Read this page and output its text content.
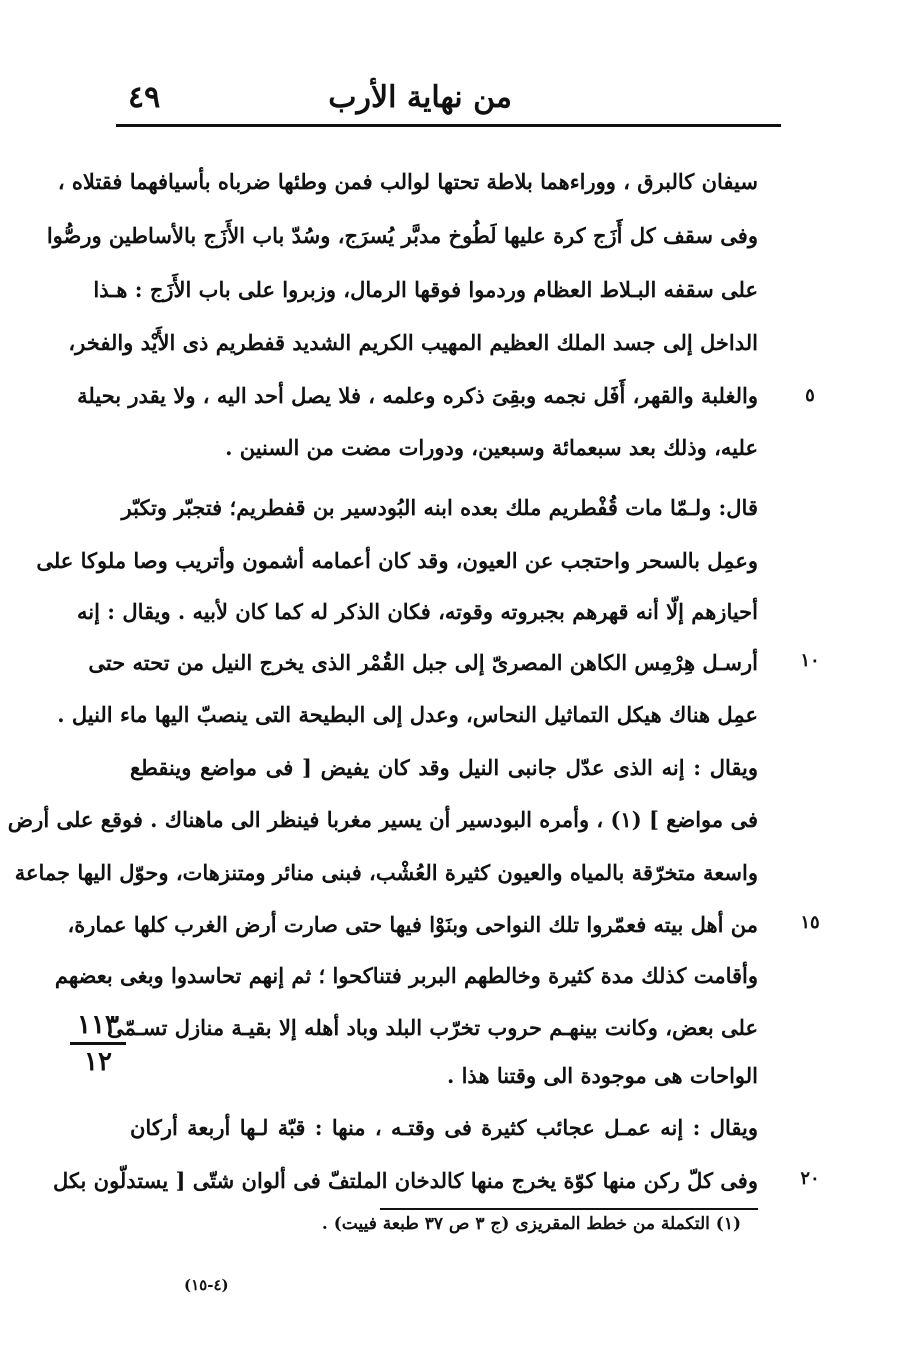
٤٩	من نهاية الأرب
سيفان كالبرق ، ووراءهما بلاطة تحتها لوالب فمن وطئها ضرباه بأسيافهما فقتلاه ،
وفى سقف كل أَزَج كرة عليها لَطُوخ مدبَّر يُسرَج، وسُدّ باب الأَزَج بالأساطين ورصُّوا
على سقفه البـلاط العظام وردموا فوقها الرمال، وزبروا على باب الأَزَج : هـذا
الداخل إلى جسد الملك العظيم المهيب الكريم الشديد قفطريم ذى الأَيْد والفخر،
والغلبة والقهر، أَفَل نجمه وبقِىَ ذكره وعلمه ، فلا يصل أحد اليه ، ولا يقدر بحيلة
عليه، وذلك بعد سبعمائة وسبعين، ودورات مضت من السنين .
قال: ولـمّا مات قُفْطريم ملك بعده ابنه البُودسير بن قفطريم؛ فتجبّر وتكبّر
وعمِل بالسحر واحتجب عن العيون، وقد كان أعمامه أشمون وأتريب وصا ملوكا على
أحيازهم إلّا أنه قهرهم بجبروته وقوته، فكان الذكر له كما كان لأبيه . ويقال : إنه
أرسـل هِرْمِس الكاهن المصرىّ إلى جبل القُمْر الذى يخرج النيل من تحته حتى
عمِل هناك هيكل التماثيل النحاس، وعدل إلى البطيحة التى ينصبّ اليها ماء النيل .
ويقال : إنه الذى عدّل جانبى النيل وقد كان يفيض [ فى مواضع وينقطع
فى مواضع ] (١) ، وأمره البودسير أن يسير مغربا فينظر الى ماهناك . فوقع على أرض
واسعة متخرّقة بالمياه والعيون كثيرة العُشْب، فبنى منائر ومتنزهات، وحوّل اليها جماعة
من أهل بيته فعمّروا تلك النواحى وبنَوْا فيها حتى صارت أرض الغرب كلها عمارة،
وأقامت كذلك مدة كثيرة وخالطهم البربر فتناكحوا ؛ ثم إنهم تحاسدوا وبغى بعضهم
على بعض، وكانت بينهـم حروب تخرّب البلد وباد أهله إلا بقيـة منازل تسـمّى
الواحات هى موجودة الى وقتنا هذا .
ويقال : إنه عمـل عجائب كثيرة فى وقتـه ، منها : قبّة لـها أربعة أركان
وفى كلّ ركن منها كوّة يخرج منها كالدخان الملتفّ فى ألوان شتّى [ يستدلّون بكل
٥
١٠
١٥
٢٠
١١٣
١٢
(١) التكملة من خطط المقريزى (ج ٣ ص ٣٧ طبعة فييت) .
(٤-١٥)
